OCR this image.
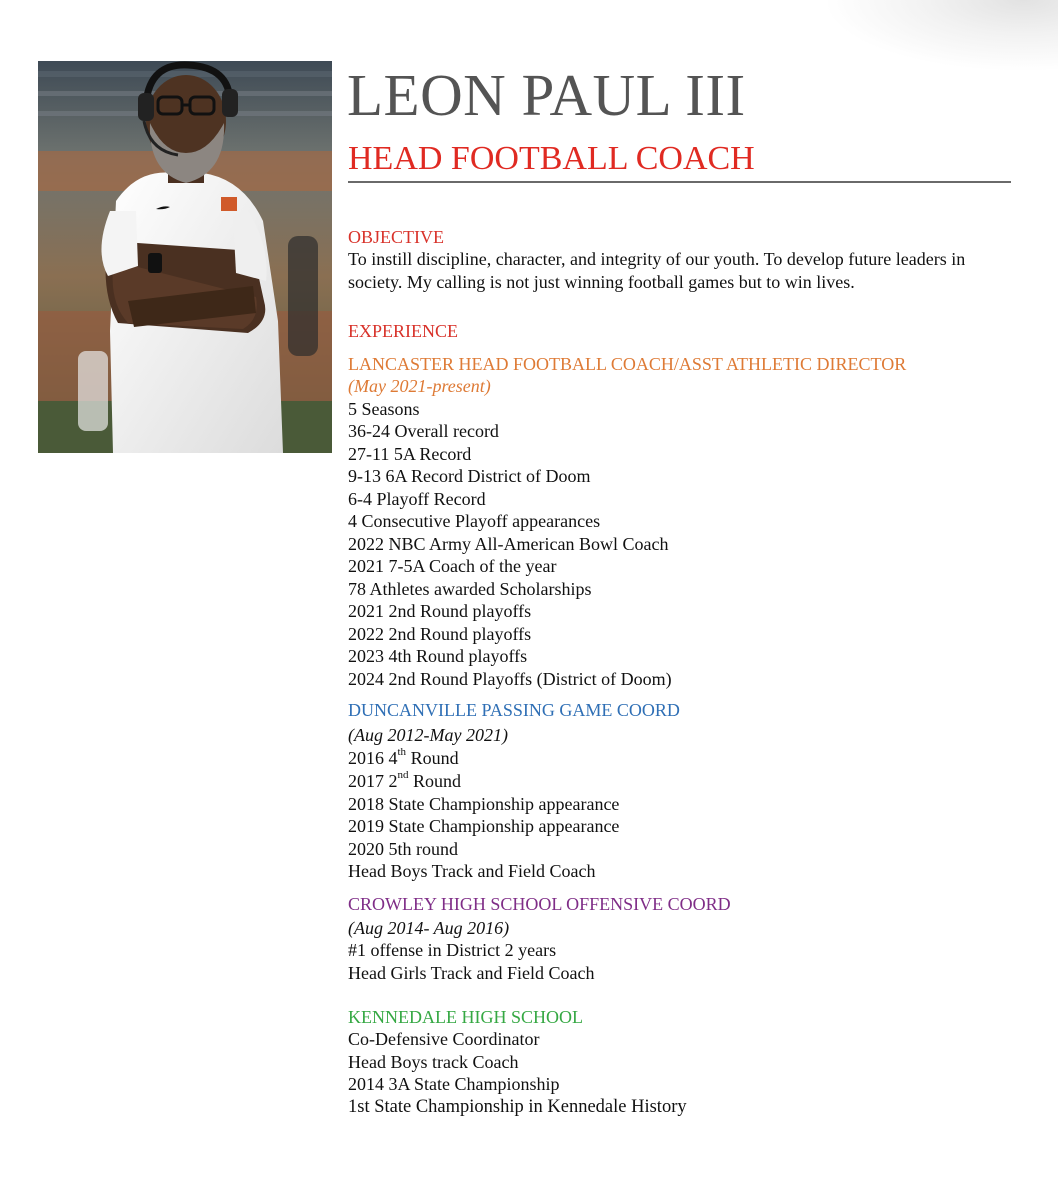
LEON PAUL III
HEAD FOOTBALL COACH
OBJECTIVE
To instill discipline, character, and integrity of our youth. To develop future leaders in society. My calling is not just winning football games but to win lives.
EXPERIENCE
LANCASTER HEAD FOOTBALL COACH/ASST ATHLETIC DIRECTOR
(May 2021-present)
5 Seasons
36-24 Overall record
27-11 5A Record
9-13 6A Record District of Doom
6-4 Playoff Record
4 Consecutive Playoff appearances
2022 NBC Army All-American Bowl Coach
2021 7-5A Coach of the year
78 Athletes awarded Scholarships
2021 2nd Round playoffs
2022 2nd Round playoffs
2023 4th Round playoffs
2024 2nd Round Playoffs (District of Doom)
DUNCANVILLE PASSING GAME COORD
(Aug 2012-May 2021)
2016 4th Round
2017 2nd Round
2018 State Championship appearance
2019 State Championship appearance
2020 5th round
Head Boys Track and Field Coach
CROWLEY HIGH SCHOOL OFFENSIVE COORD
(Aug 2014- Aug 2016)
#1 offense in District 2 years
Head Girls Track and Field Coach
KENNEDALE HIGH SCHOOL
Co-Defensive Coordinator
Head Boys track Coach
2014 3A State Championship
1st State Championship in Kennedale History
